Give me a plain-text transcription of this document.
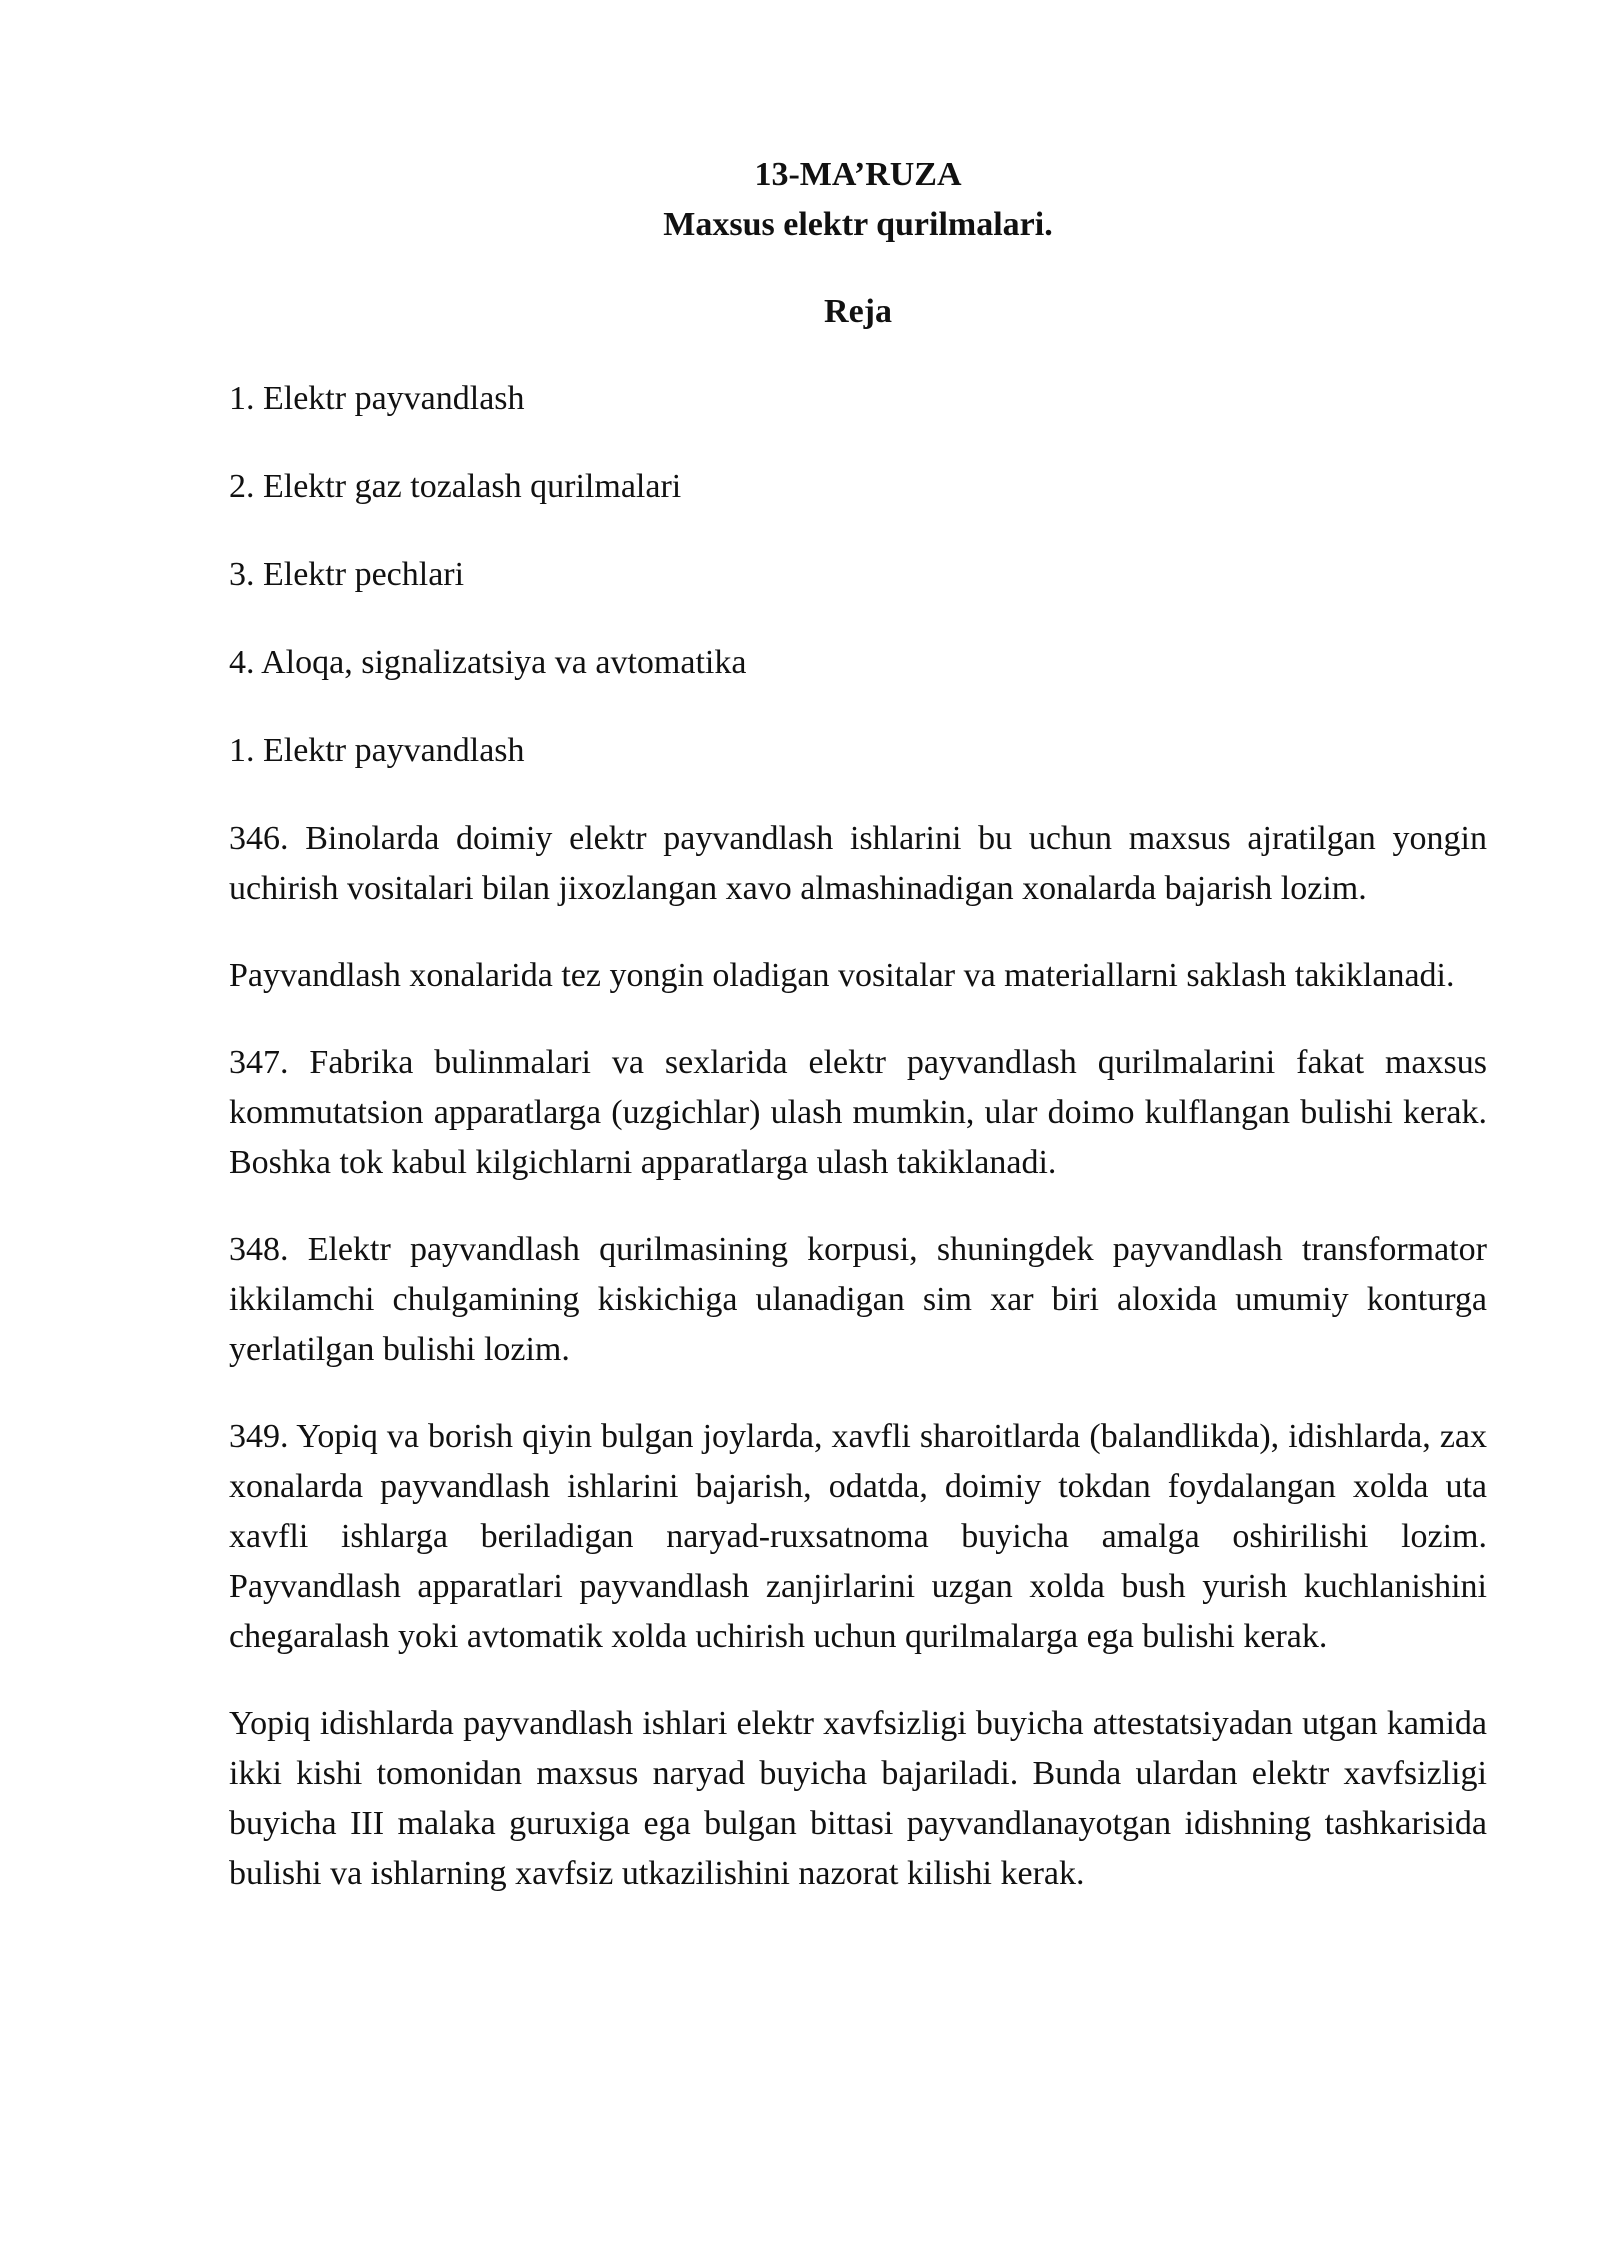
13-MA’RUZA

Maxsus elektr qurilmalari.

Reja

1. Elektr payvandlash

2. Elektr gaz tozalash qurilmalari

3. Elektr pechlari

4. Aloqa, signalizatsiya va avtomatika

1. Elektr payvandlash

346. Binolarda doimiy elektr payvandlash ishlarini bu uchun maxsus ajratilgan yongin uchirish vositalari bilan jixozlangan xavo almashinadigan xonalarda bajarish lozim.

Payvandlash xonalarida tez yongin oladigan vositalar va materiallarni saklash takiklanadi.

347. Fabrika bulinmalari va sexlarida elektr payvandlash qurilmalarini fakat maxsus kommutatsion apparatlarga (uzgichlar) ulash mumkin, ular doimo kulflangan bulishi kerak. Boshka tok kabul kilgichlarni apparatlarga ulash takiklanadi.

348. Elektr payvandlash qurilmasining korpusi, shuningdek payvandlash transformator ikkilamchi chulgamining kiskichiga ulanadigan sim xar biri aloxida umumiy konturga yerlatilgan bulishi lozim.

349. Yopiq va borish qiyin bulgan joylarda, xavfli sharoitlarda (balandlikda), idishlarda, zax xonalarda payvandlash ishlarini bajarish, odatda, doimiy tokdan foydalangan xolda uta xavfli ishlarga beriladigan naryad-ruxsatnoma buyicha amalga oshirilishi lozim. Payvandlash apparatlari payvandlash zanjirlarini uzgan xolda bush yurish kuchlanishini chegaralash yoki avtomatik xolda uchirish uchun qurilmalarga ega bulishi kerak.

Yopiq idishlarda payvandlash ishlari elektr xavfsizligi buyicha attestatsiyadan utgan kamida ikki kishi tomonidan maxsus naryad buyicha bajariladi. Bunda ulardan elektr xavfsizligi buyicha III malaka guruxiga ega bulgan bittasi payvandlanayotgan idishning tashkarisida bulishi va ishlarning xavfsiz utkazilishini nazorat kilishi kerak.
